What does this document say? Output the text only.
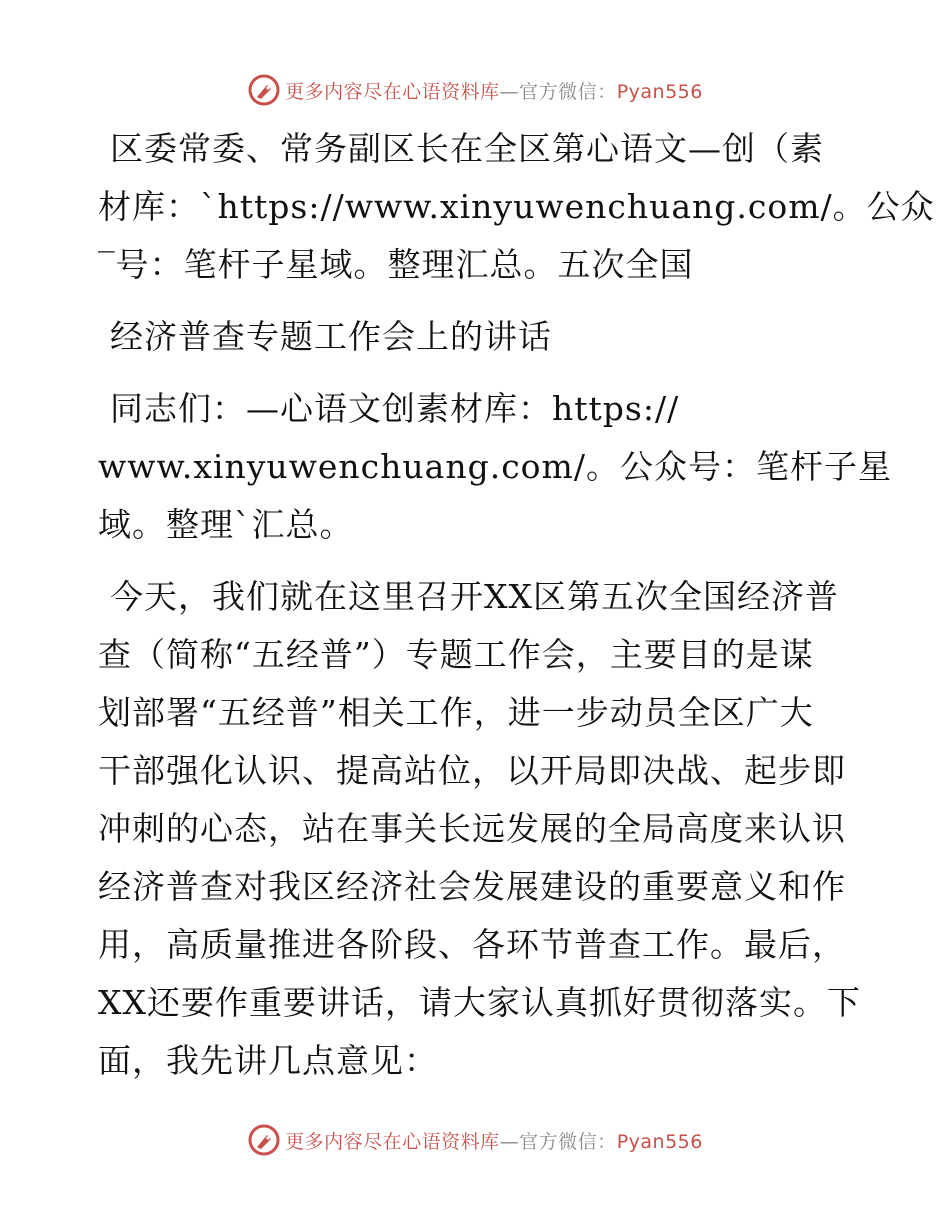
更多内容尽在心语资料库—官方微信：Pyan556
区委常委、常务副区长在全区第心语文—创（素
材库：`https://www.xinyuwenchuang.com/。公众
‾号：笔杆子星域。整理汇总。五次全国
经济普查专题工作会上的讲话
同志们：—心语文创素材库：https://
www.xinyuwenchuang.com/。公众号：笔杆子星
域。整理`汇总。
今天，我们就在这里召开XX区第五次全国经济普
查（简称“五经普”）专题工作会，主要目的是谋
划部署“五经普”相关工作，进一步动员全区广大
干部强化认识、提高站位，以开局即决战、起步即
冲刺的心态，站在事关长远发展的全局高度来认识
经济普查对我区经济社会发展建设的重要意义和作
用，高质量推进各阶段、各环节普查工作。最后，
XX还要作重要讲话，请大家认真抓好贯彻落实。下
面，我先讲几点意见：
更多内容尽在心语资料库—官方微信：Pyan556
